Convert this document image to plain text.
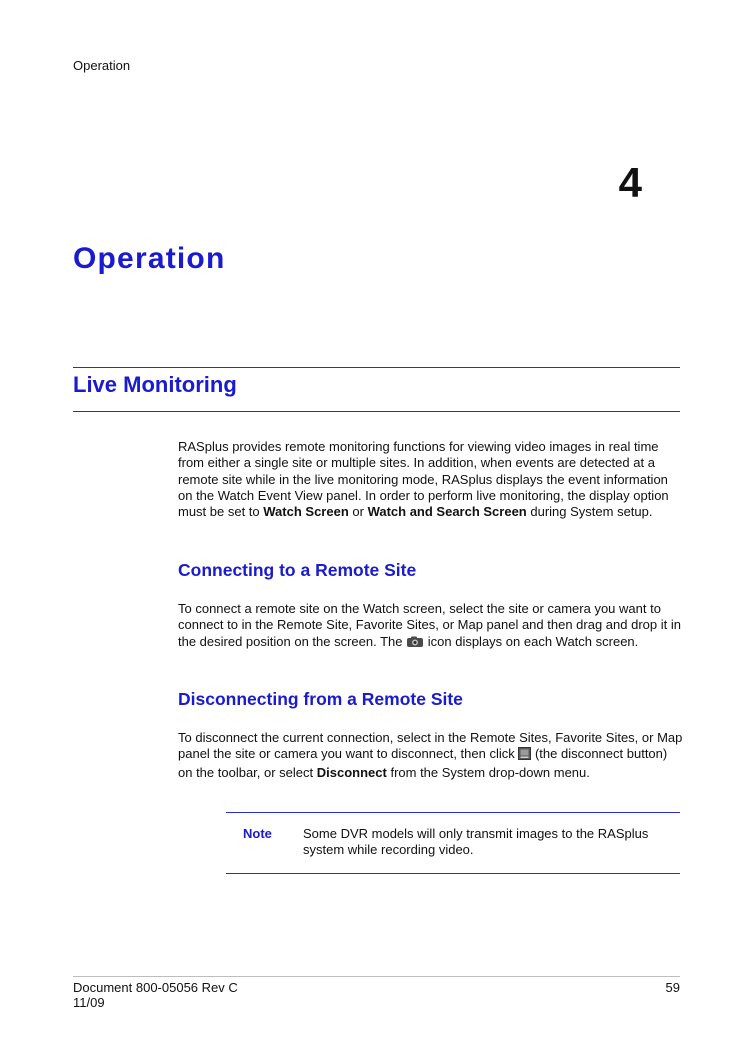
Operation
4
Operation
Live Monitoring
RASplus provides remote monitoring functions for viewing video images in real time from either a single site or multiple sites. In addition, when events are detected at a remote site while in the live monitoring mode, RASplus displays the event information on the Watch Event View panel. In order to perform live monitoring, the display option must be set to Watch Screen or Watch and Search Screen during System setup.
Connecting to a Remote Site
To connect a remote site on the Watch screen, select the site or camera you want to connect to in the Remote Site, Favorite Sites, or Map panel and then drag and drop it in the desired position on the screen. The  icon displays on each Watch screen.
Disconnecting from a Remote Site
To disconnect the current connection, select in the Remote Sites, Favorite Sites, or Map panel the site or camera you want to disconnect, then click  (the disconnect button) on the toolbar, or select Disconnect from the System drop-down menu.
Note Some DVR models will only transmit images to the RASplus system while recording video.
Document 800-05056 Rev C
11/09
59
